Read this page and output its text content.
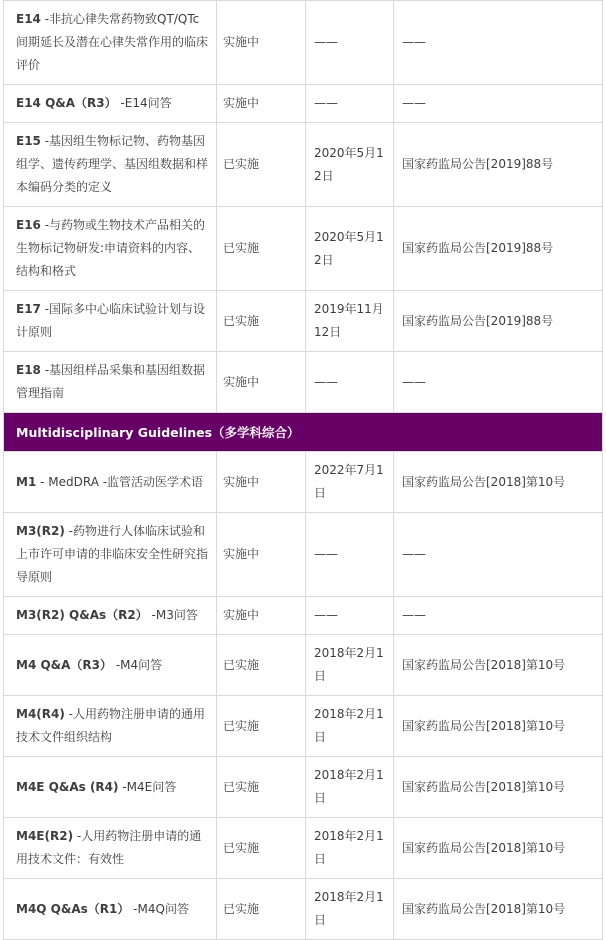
E14 -非抗心律失常药物致QT/QTc间期延长及潜在心律失常作用的临床评价	实施中	——	——
E14 Q&A（R3） -E14问答	实施中	——	——
E15 -基因组生物标记物、药物基因组学、遗传药理学、基因组数据和样本编码分类的定义	已实施	2020年5月12日	国家药监局公告[2019]88号
E16 -与药物或生物技术产品相关的生物标记物研发:申请资料的内容、结构和格式	已实施	2020年5月12日	国家药监局公告[2019]88号
E17 -国际多中心临床试验计划与设计原则	已实施	2019年11月12日	国家药监局公告[2019]88号
E18 -基因组样品采集和基因组数据管理指南	实施中	——	——
Multidisciplinary Guidelines（多学科综合）			
M1 - MedDRA -监管活动医学术语	实施中	2022年7月1日	国家药监局公告[2018]第10号
M3(R2) -药物进行人体临床试验和上市许可申请的非临床安全性研究指导原则	实施中	——	——
M3(R2) Q&As（R2） -M3问答	实施中	——	——
M4 Q&A（R3） -M4问答	已实施	2018年2月1日	国家药监局公告[2018]第10号
M4(R4) -人用药物注册申请的通用技术文件组织结构	已实施	2018年2月1日	国家药监局公告[2018]第10号
M4E Q&As (R4) -M4E问答	已实施	2018年2月1日	国家药监局公告[2018]第10号
M4E(R2) -人用药物注册申请的通用技术文件：有效性	已实施	2018年2月1日	国家药监局公告[2018]第10号
M4Q Q&As（R1） -M4Q问答	已实施	2018年2月1日	国家药监局公告[2018]第10号
